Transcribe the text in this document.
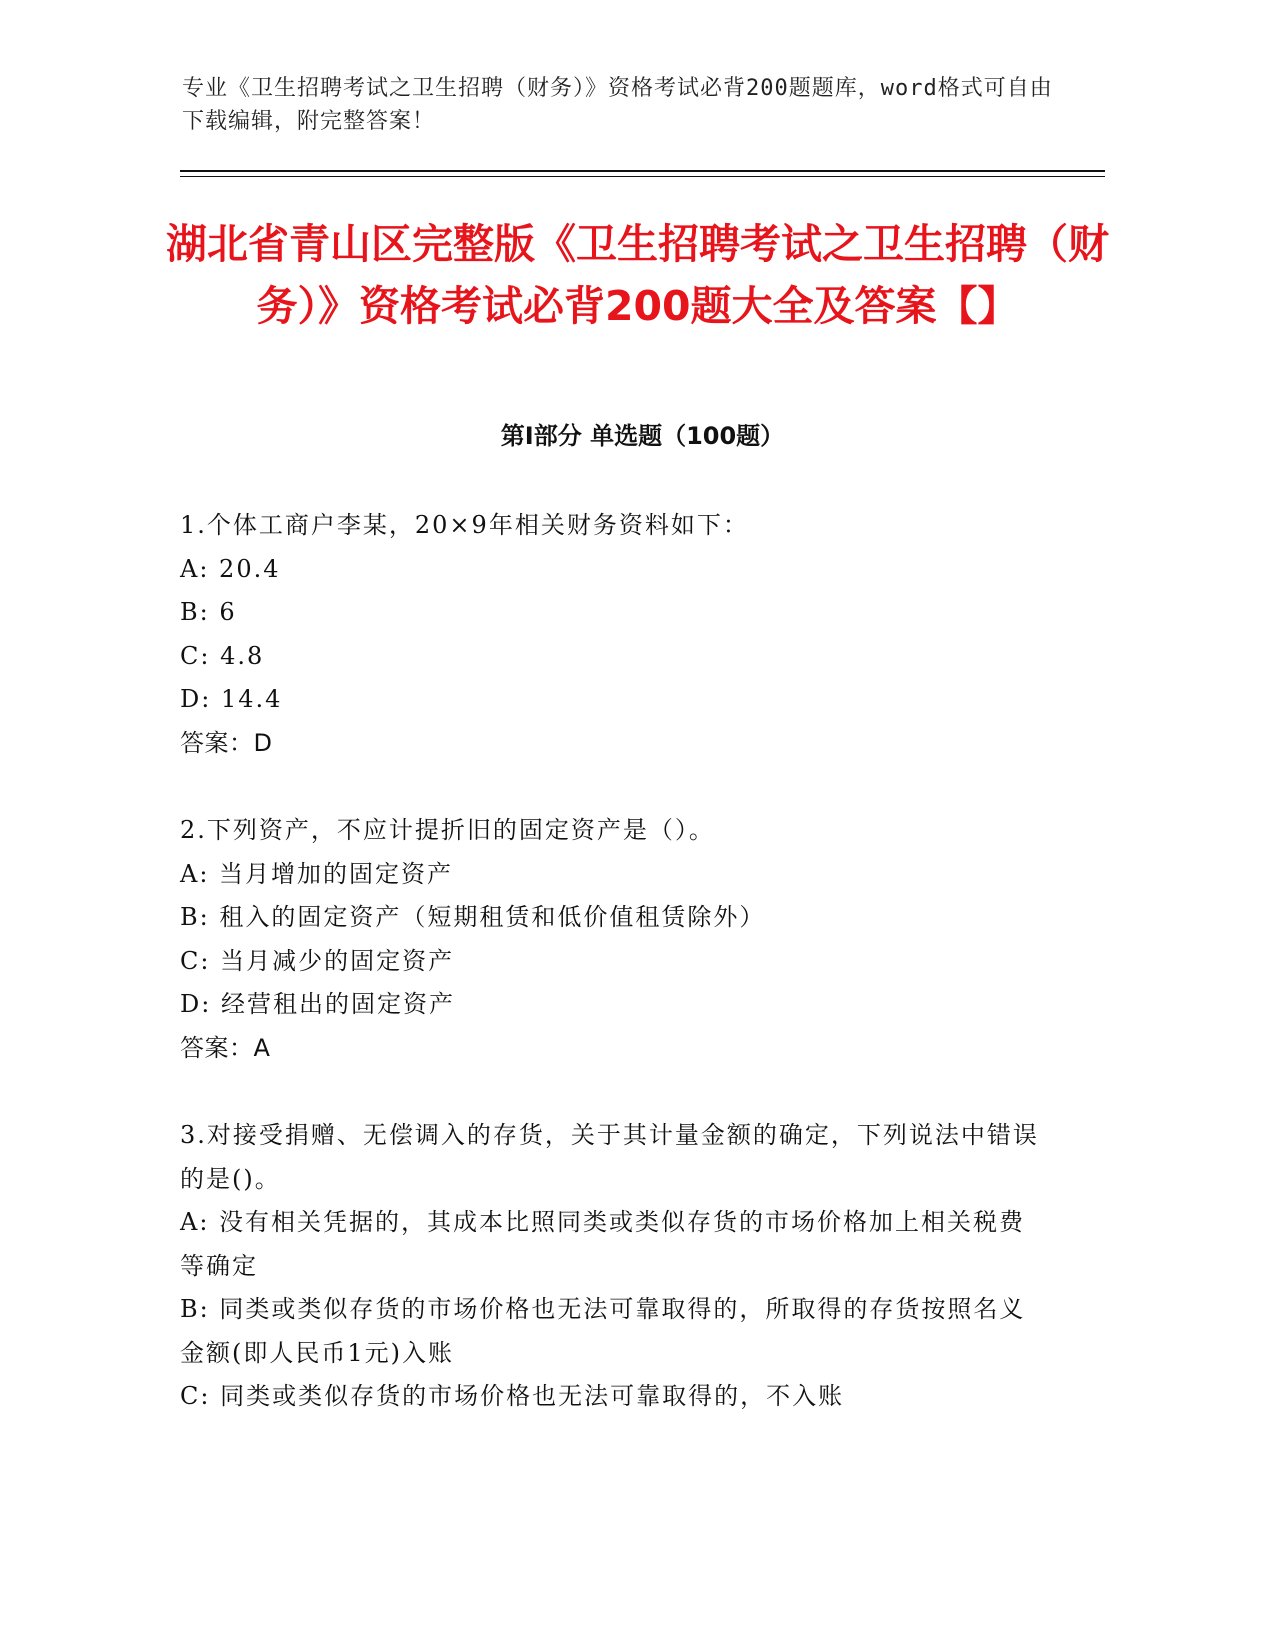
专业《卫生招聘考试之卫生招聘（财务）》资格考试必背200题题库，word格式可自由下载编辑，附完整答案！
湖北省青山区完整版《卫生招聘考试之卫生招聘（财务）》资格考试必背200题大全及答案【】
第Ⅰ部分 单选题（100题）

1.个体工商户李某，20×9年相关财务资料如下：

A: 20.4

B: 6

C: 4.8

D: 14.4

答案：D

2.下列资产，不应计提折旧的固定资产是（）。

A: 当月增加的固定资产

B: 租入的固定资产（短期租赁和低价值租赁除外）

C: 当月减少的固定资产

D: 经营租出的固定资产

答案：A

3.对接受捐赠、无偿调入的存货，关于其计量金额的确定，下列说法中错误的是()。

A: 没有相关凭据的，其成本比照同类或类似存货的市场价格加上相关税费等确定

B: 同类或类似存货的市场价格也无法可靠取得的，所取得的存货按照名义金额(即人民币1元)入账

C: 同类或类似存货的市场价格也无法可靠取得的，不入账
